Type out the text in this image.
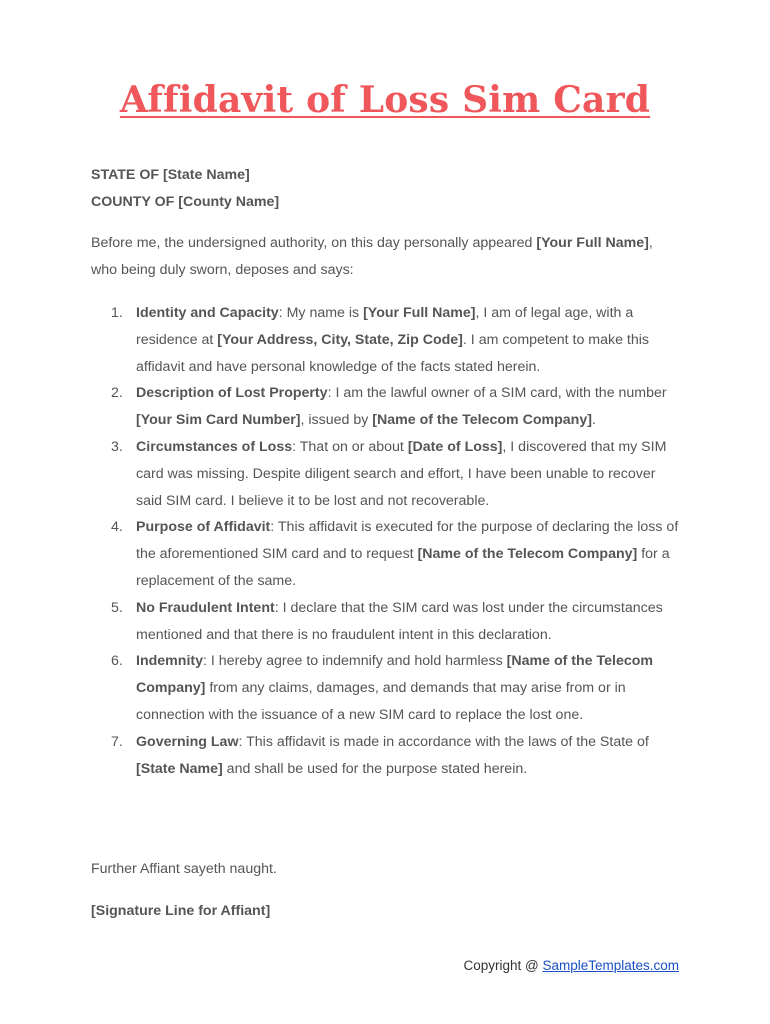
Affidavit of Loss Sim Card
STATE OF [State Name]
COUNTY OF [County Name]
Before me, the undersigned authority, on this day personally appeared [Your Full Name], who being duly sworn, deposes and says:
1. Identity and Capacity: My name is [Your Full Name], I am of legal age, with a residence at [Your Address, City, State, Zip Code]. I am competent to make this affidavit and have personal knowledge of the facts stated herein.
2. Description of Lost Property: I am the lawful owner of a SIM card, with the number [Your Sim Card Number], issued by [Name of the Telecom Company].
3. Circumstances of Loss: That on or about [Date of Loss], I discovered that my SIM card was missing. Despite diligent search and effort, I have been unable to recover said SIM card. I believe it to be lost and not recoverable.
4. Purpose of Affidavit: This affidavit is executed for the purpose of declaring the loss of the aforementioned SIM card and to request [Name of the Telecom Company] for a replacement of the same.
5. No Fraudulent Intent: I declare that the SIM card was lost under the circumstances mentioned and that there is no fraudulent intent in this declaration.
6. Indemnity: I hereby agree to indemnify and hold harmless [Name of the Telecom Company] from any claims, damages, and demands that may arise from or in connection with the issuance of a new SIM card to replace the lost one.
7. Governing Law: This affidavit is made in accordance with the laws of the State of [State Name] and shall be used for the purpose stated herein.
Further Affiant sayeth naught.
[Signature Line for Affiant]
Copyright @ SampleTemplates.com
